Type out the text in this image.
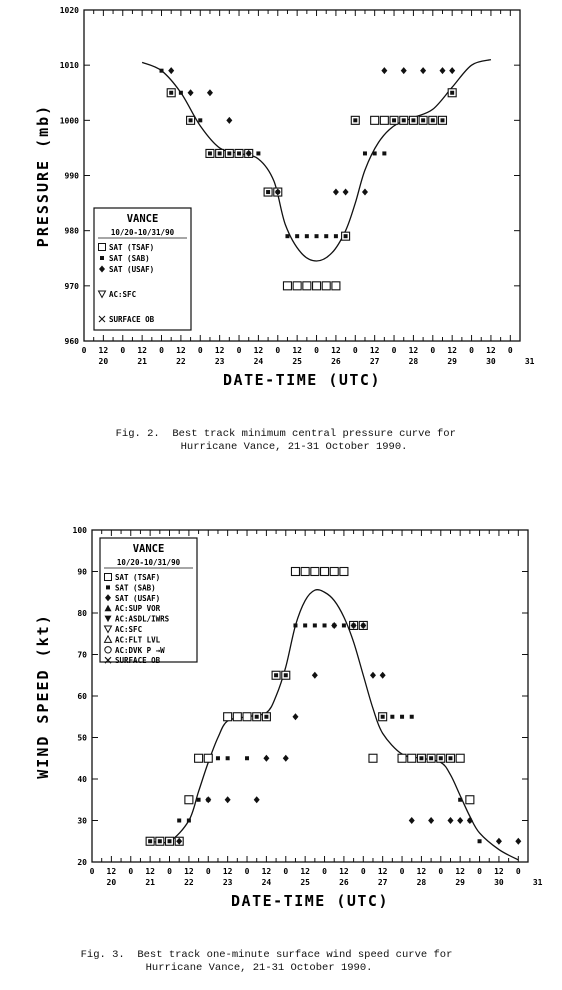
960
970
980
990
1000
1010
1020
0 12 0 12 0 12 0 12 0 12 0 12 0 12 0 12 0 12 0 12 0 12 0
20	21	22	23	24	25	26	27	28	29	30	31
DATE-TIME (UTC)
PRESSURE (mb)	VANCE
10/20-10/31/90
SAT (TSAF)
SAT (SAB)
SAT (USAF)
AC:SFC
SURFACE OB
20
30
40
50
60
70
80
90
100
0 12 0 12 0 12 0 12 0 12 0 12 0 12 0 12 0 12 0 12 0 12 0
20	21	22	23	24	25	26	27	28	29	30	31
DATE-TIME (UTC)
WIND SPEED (kt)
VANCE
10/20-10/31/90
SAT (TSAF)
SAT (SAB)
SAT (USAF)
AC:SUP VOR
AC:ASDL/IWRS
AC:SFC
AC:FLT LVL
AC:DVK P →W
SURFACE OB

Fig. 2. Best track minimum central pressure curve for

Hurricane Vance, 21-31 October 1990.

Fig. 3. Best track one-minute surface wind speed curve for

Hurricane Vance, 21-31 October 1990.
